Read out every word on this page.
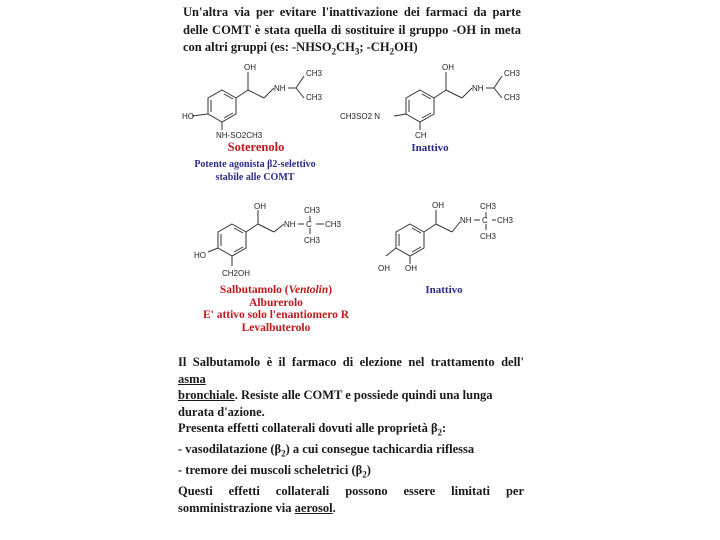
Un'altra via per evitare l'inattivazione dei farmaci da parte delle COMT è stata quella di sostituire il gruppo -OH in meta con altri gruppi (es: $-NHSO_2CH_3$; $-CH_2OH$)
OH
NH
CH3
CH3
HO
NH-SO2CH3
OH
NH
CH3
CH3
CH3SO2 N
CH
Soterenolo
Potente agonista β2-selettivo
stabile alle COMT
Inattivo
OH
NH C
CH3
CH3
CH3
HO
CH2OH
OH
NH C
CH3
CH3
CH3
OH OH
Salbutamolo (Ventolin)
Alburerolo
E' attivo solo l'enantiomero R
Levalbuterolo
Inattivo

Il Salbutamolo è il farmaco di elezione nel trattamento dell' asma

bronchiale. Resiste alle COMT e possiede quindi una lunga durata d'azione.

Presenta effetti collaterali dovuti alle proprietà $\beta_2$:

- vasodilatazione $(\beta_2)$ a cui consegue tachicardia riflessa

- tremore dei muscoli scheletrici $(\beta_2)$

Questi effetti collaterali possono essere limitati per

somministrazione via aerosol.
